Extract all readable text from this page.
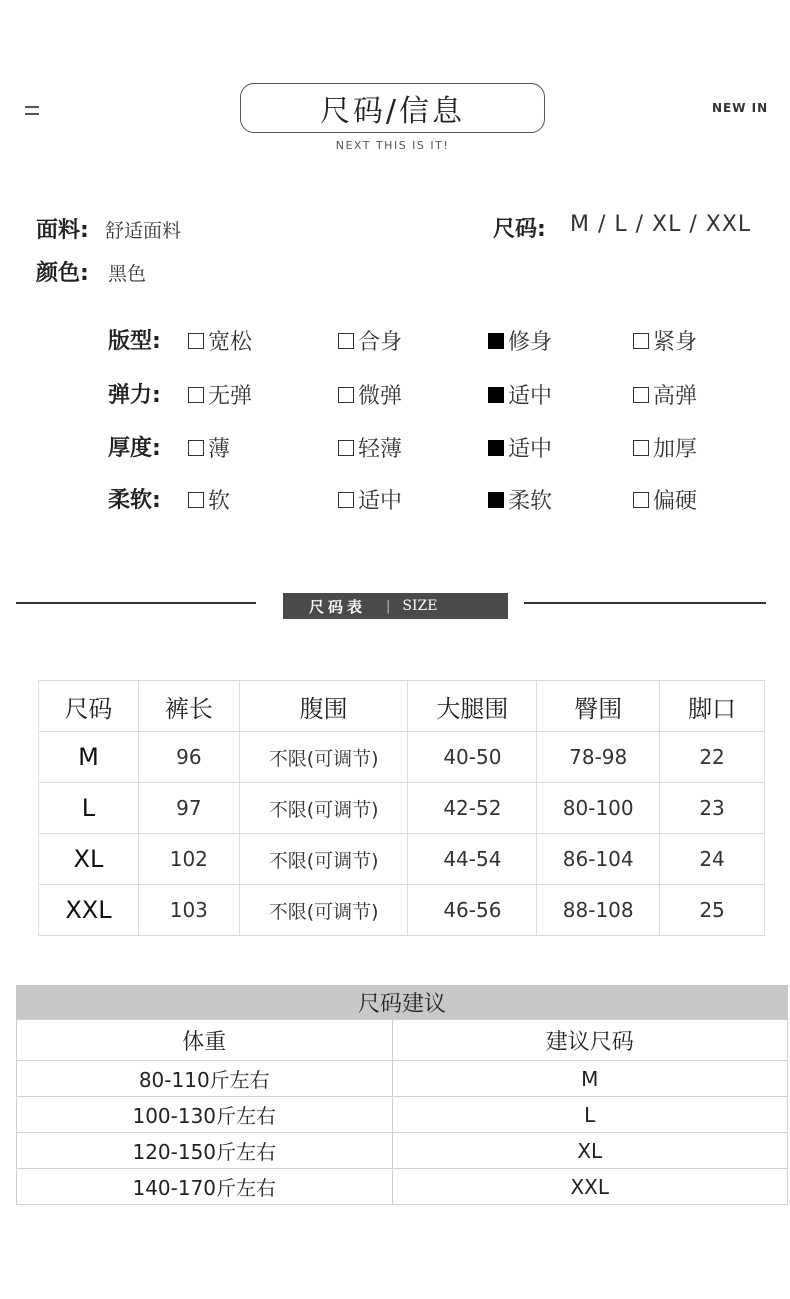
尺码/信息
NEXT THIS IS IT!
NEW IN
面料: 舒适面料	尺码: M / L / XL / XXL
颜色: 黑色
版型:	宽松	合身	修身	紧身
弹力:	无弹	微弹	适中	高弹
厚度:	薄	轻薄	适中	加厚
柔软:	软	适中	柔软	偏硬
尺码表 | SIZE
尺码	裤长	腹围	大腿围	臀围	脚口
M	96	不限(可调节)	40-50	78-98	22
L	97	不限(可调节)	42-52	80-100	23
XL	102	不限(可调节)	44-54	86-104	24
XXL	103	不限(可调节)	46-56	88-108	25
尺码建议
体重	建议尺码
80-110斤左右	M
100-130斤左右	L
120-150斤左右	XL
140-170斤左右	XXL
